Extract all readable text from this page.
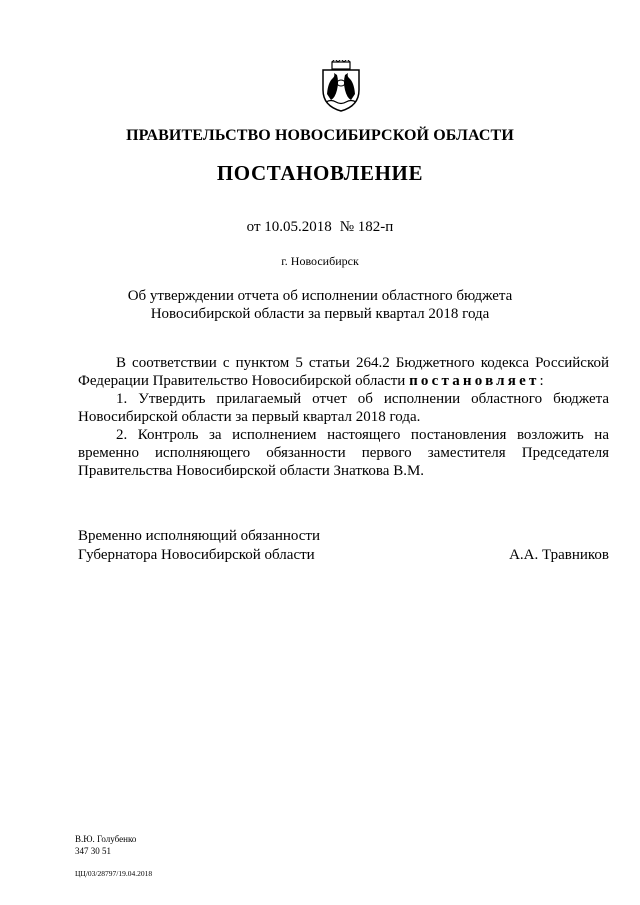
ПРАВИТЕЛЬСТВО НОВОСИБИРСКОЙ ОБЛАСТИ
ПОСТАНОВЛЕНИЕ
от 10.05.2018 № 182-п
г. Новосибирск
Об утверждении отчета об исполнении областного бюджета
Новосибирской области за первый квартал 2018 года

В соответствии с пунктом 5 статьи 264.2 Бюджетного кодекса Российской Федерации Правительство Новосибирской области постановляет:

1. Утвердить прилагаемый отчет об исполнении областного бюджета Новосибирской области за первый квартал 2018 года.

2. Контроль за исполнением настоящего постановления возложить на временно исполняющего обязанности первого заместителя Председателя Правительства Новосибирской области Знаткова В.М.

Временно исполняющий обязанности
Губернатора Новосибирской области	А.А. Травников
В.Ю. Голубенко
347 30 51
ЦЦ/03/28797/19.04.2018
